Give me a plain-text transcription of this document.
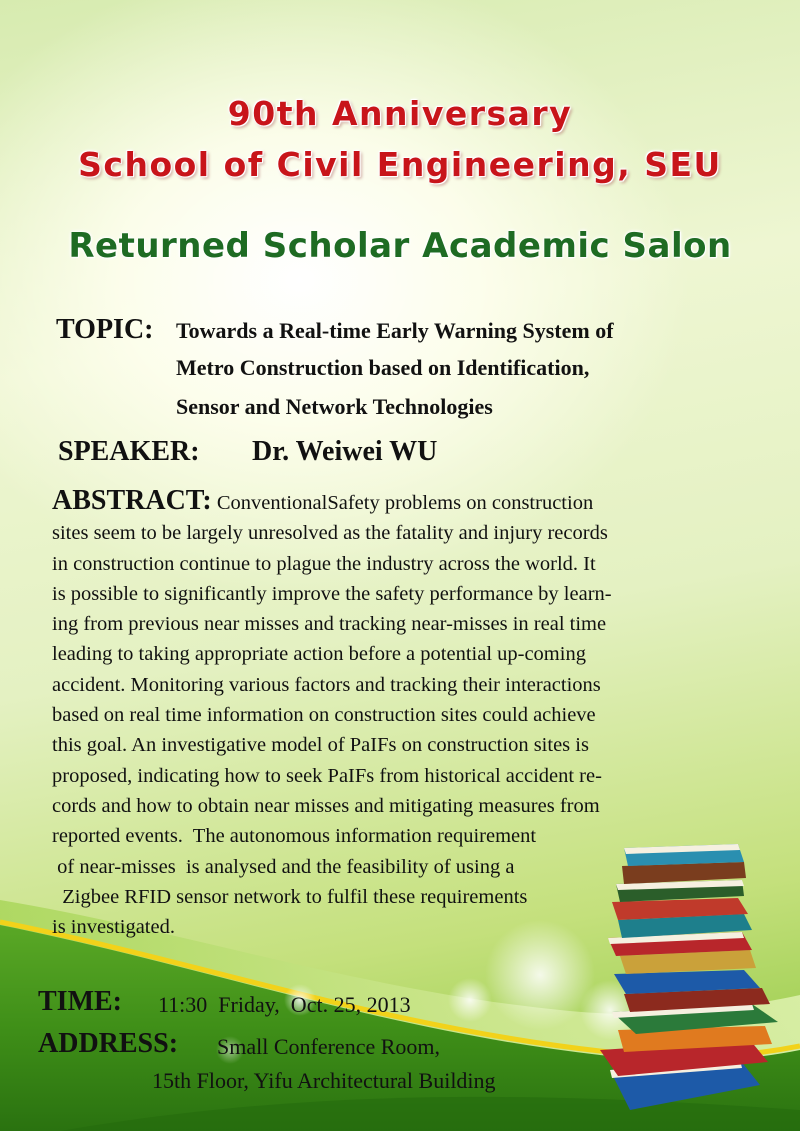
90th Anniversary
School of Civil Engineering, SEU
Returned Scholar Academic Salon
TOPIC: Towards a Real-time Early Warning System of
Metro Construction based on Identification,
Sensor and Network Technologies
SPEAKER: Dr. Weiwei WU
ABSTRACT: ConventionalSafety problems on construction
sites seem to be largely unresolved as the fatality and injury records
in construction continue to plague the industry across the world. It
is possible to significantly improve the safety performance by learn-
ing from previous near misses and tracking near-misses in real time
leading to taking appropriate action before a potential up-coming
accident. Monitoring various factors and tracking their interactions
based on real time information on construction sites could achieve
this goal. An investigative model of PaIFs on construction sites is
proposed, indicating how to seek PaIFs from historical accident re-
cords and how to obtain near misses and mitigating measures from
reported events.  The autonomous information requirement
of near-misses  is analysed and the feasibility of using a
Zigbee RFID sensor network to fulfil these requirements
is investigated.
TIME: 11:30  Friday,  Oct. 25, 2013
ADDRESS: Small Conference Room,
15th Floor, Yifu Architectural Building
